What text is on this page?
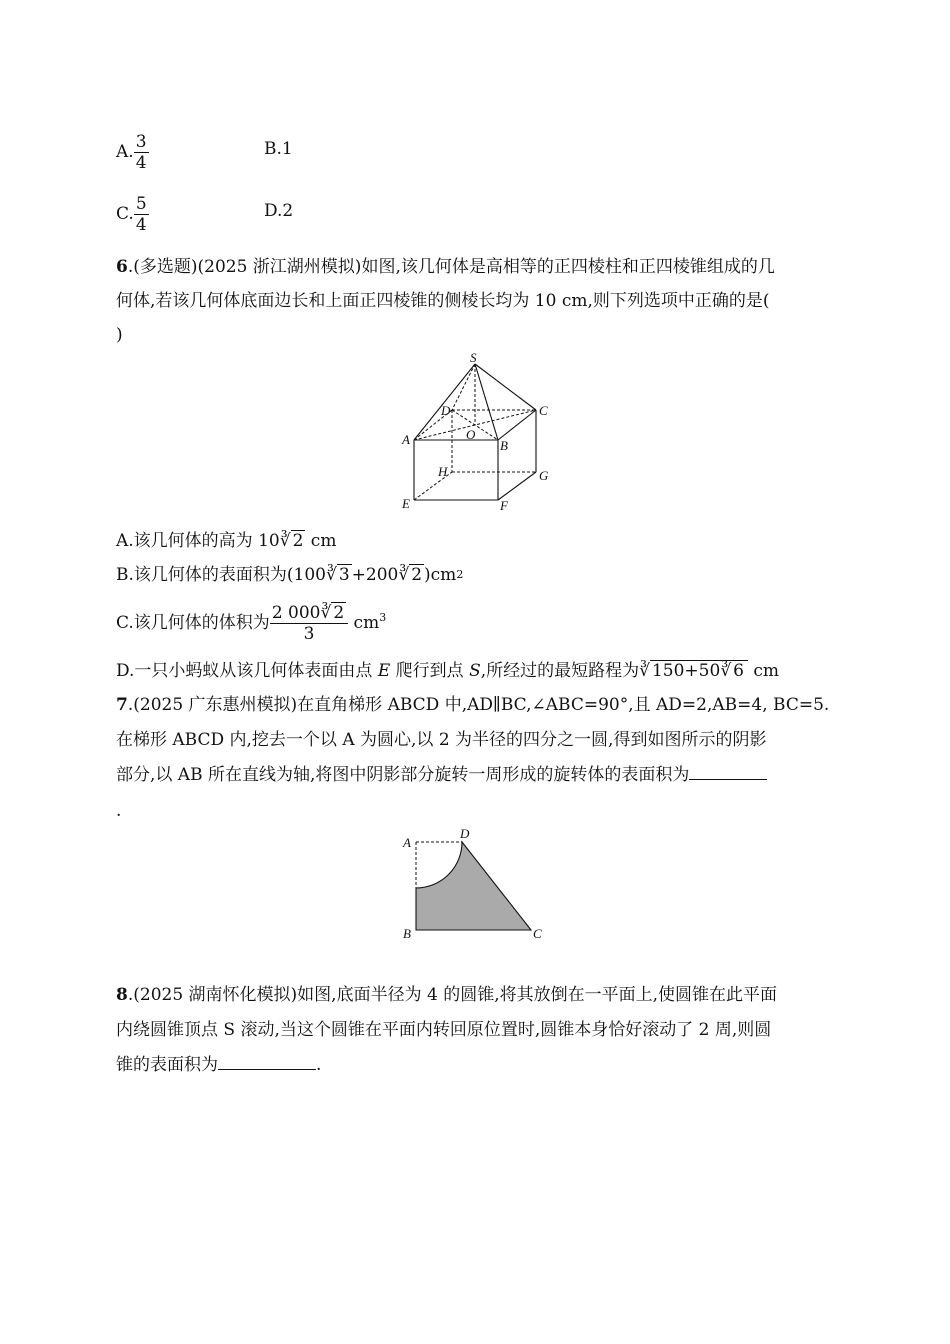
A. $\frac{3}{4}$	B.1
C. $\frac{5}{4}$	D.2
6.(多选题)(2025 浙江湖州模拟)如图,该几何体是高相等的正四棱柱和正四棱锥组成的几
何体,若该几何体底面边长和上面正四棱锥的侧棱长均为 10 cm,则下列选项中正确的是(
)
S
D	C
A	O
B
H	G
E	F
A.该几何体的高为 10∛ 2 cm
B.该几何体的表面积为(100∛ 3 +200∛ 2 )$cm^2$
C.该几何体的体积为 $\frac{2 000∛ 2}{3} cm^3$
D.一只小蚂蚁从该几何体表面由点 E 爬行到点 S,所经过的最短路程为∛ 150+50∛ 6 cm
7.(2025 广东惠州模拟)在直角梯形 ABCD 中,AD∥BC,∠ABC=90°,且 AD=2,AB=4, BC=5.
在梯形 ABCD 内,挖去一个以 A 为圆心,以 2 为半径的四分之一圆,得到如图所示的阴影
部分,以 AB 所在直线为轴,将图中阴影部分旋转一周形成的旋转体的表面积为
.
A
D
B	C
8.(2025 湖南怀化模拟)如图,底面半径为 4 的圆锥,将其放倒在一平面上,使圆锥在此平面
内绕圆锥顶点 S 滚动,当这个圆锥在平面内转回原位置时,圆锥本身恰好滚动了 2 周,则圆
锥的表面积为	.
